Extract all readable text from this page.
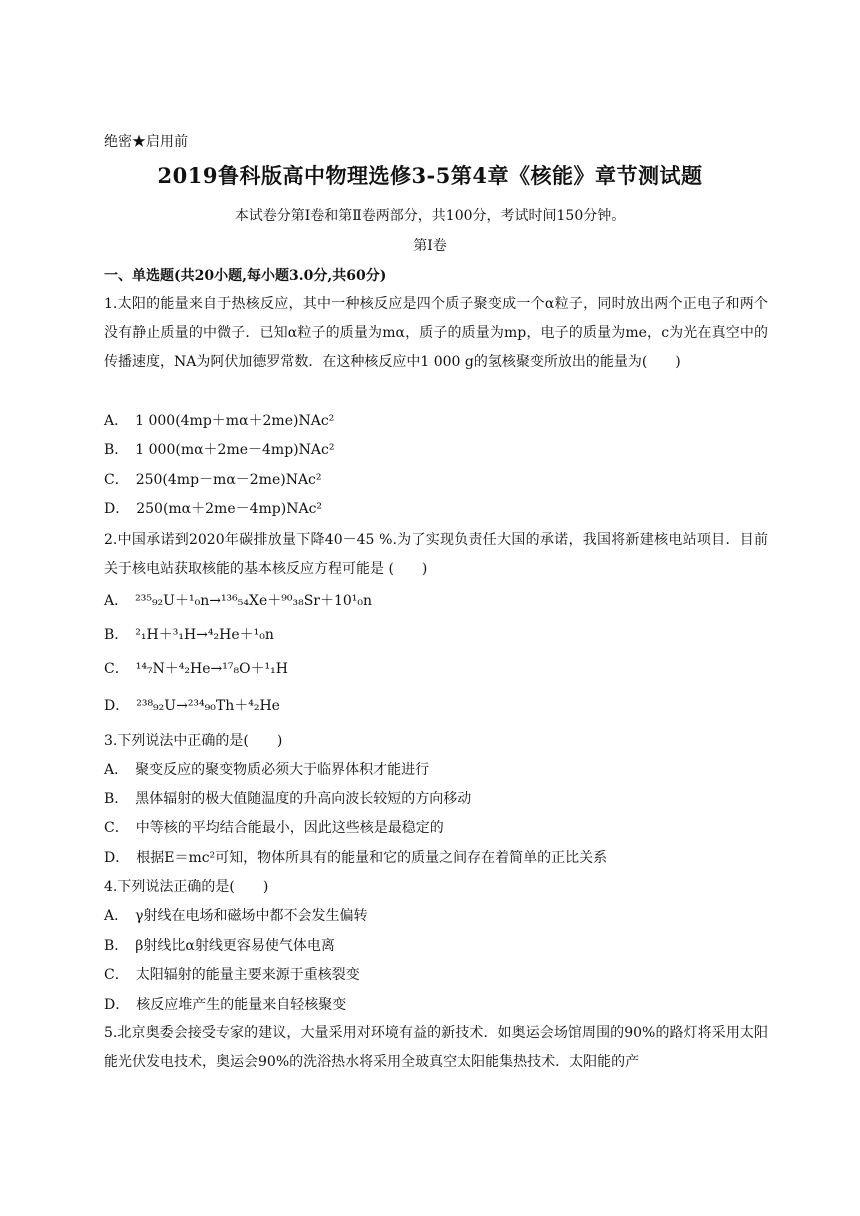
绝密★启用前
2019鲁科版高中物理选修3-5第4章《核能》章节测试题
本试卷分第Ⅰ卷和第Ⅱ卷两部分，共100分，考试时间150分钟。
第Ⅰ卷
一、单选题(共20小题,每小题3.0分,共60分)
1.太阳的能量来自于热核反应，其中一种核反应是四个质子聚变成一个α粒子，同时放出两个正电子和两个没有静止质量的中微子．已知α粒子的质量为mα，质子的质量为mp，电子的质量为me，c为光在真空中的传播速度，NA为阿伏加德罗常数．在这种核反应中1 000 g的氢核聚变所放出的能量为(　　)
A．　1 000(4mp＋mα＋2me)NAc²
B．　1 000(mα＋2me－4mp)NAc²
C．　250(4mp－mα－2me)NAc²
D．　250(mα＋2me－4mp)NAc²
2.中国承诺到2020年碳排放量下降40－45 %.为了实现负责任大国的承诺，我国将新建核电站项目．目前关于核电站获取核能的基本核反应方程可能是 (　　)
A．　²³⁵₉₂U＋¹₀n→¹³⁶₅₄Xe＋⁹⁰₃₈Sr＋10¹₀n
B．　²₁H＋³₁H→⁴₂He＋¹₀n
C．　¹⁴₇N＋⁴₂He→¹⁷₈O＋¹₁H
D．　²³⁸₉₂U→²³⁴₉₀Th＋⁴₂He
3.下列说法中正确的是(　　)
A．　聚变反应的聚变物质必须大于临界体积才能进行
B．　黑体辐射的极大值随温度的升高向波长较短的方向移动
C．　中等核的平均结合能最小，因此这些核是最稳定的
D．　根据E＝mc²可知，物体所具有的能量和它的质量之间存在着简单的正比关系
4.下列说法正确的是(　　)
A．　γ射线在电场和磁场中都不会发生偏转
B．　β射线比α射线更容易使气体电离
C．　太阳辐射的能量主要来源于重核裂变
D．　核反应堆产生的能量来自轻核聚变
5.北京奥委会接受专家的建议，大量采用对环境有益的新技术．如奥运会场馆周围的90%的路灯将采用太阳能光伏发电技术，奥运会90%的洗浴热水将采用全玻真空太阳能集热技术．太阳能的产
